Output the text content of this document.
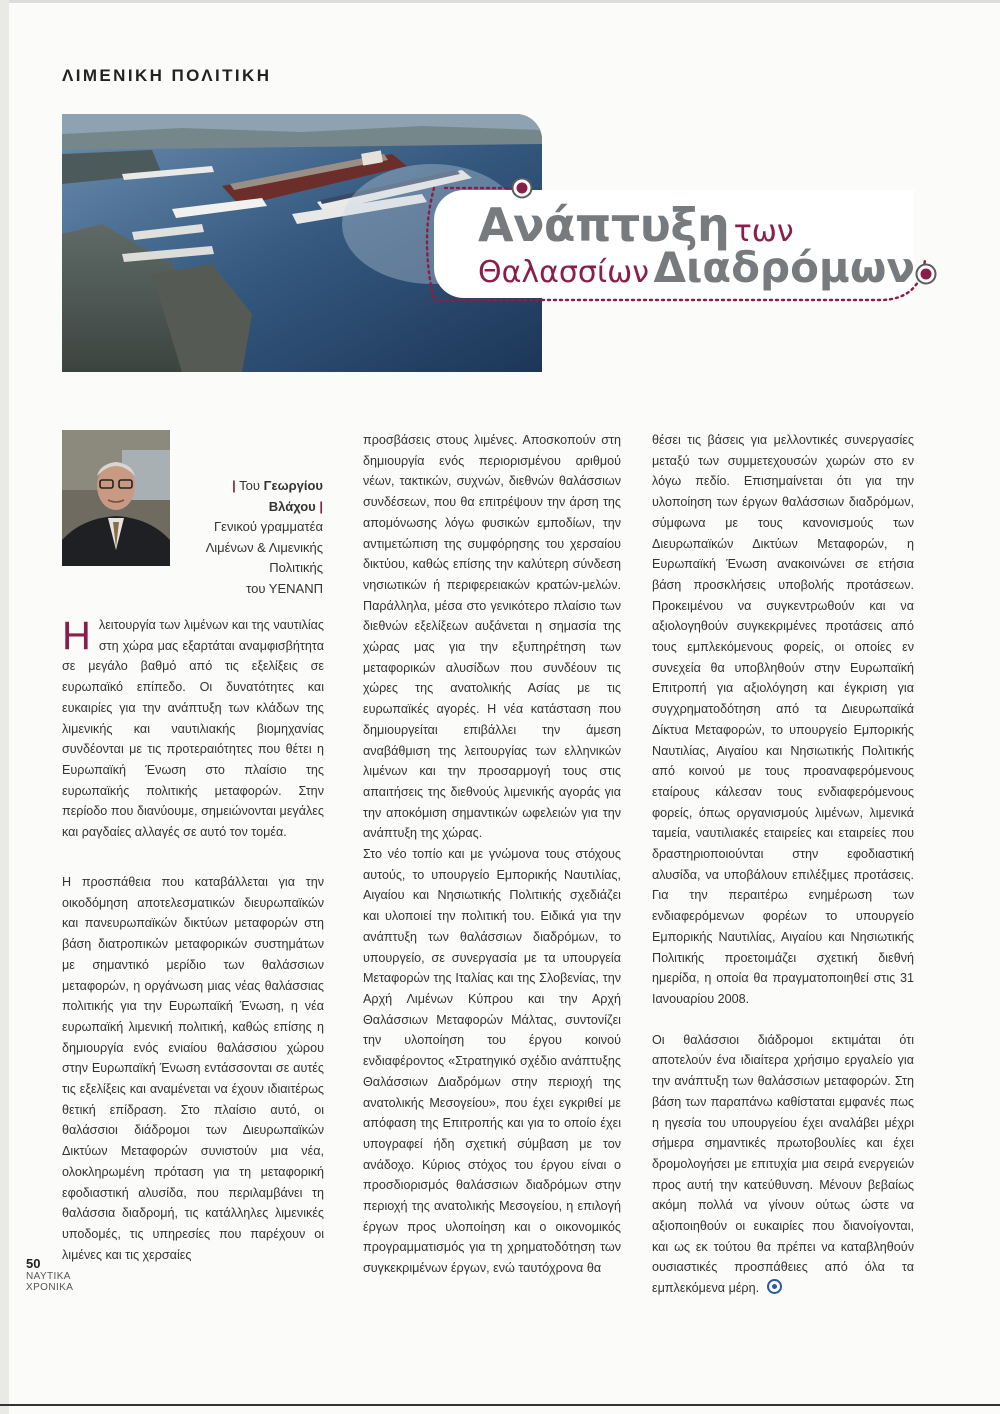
ΛΙΜΕΝΙΚΗ ΠΟΛΙΤΙΚΗ
Ανάπτυξη των
Θαλασσίων Διαδρόμων
| Του Γεωργίου Βλάχου |
Γενικού γραμματέα
Λιμένων & Λιμενικής Πολιτικής
του ΥΕΝΑΝΠ

Η λειτουργία των λιμένων και της ναυτιλίας στη χώρα μας εξαρτάται αναμφισβήτητα σε μεγάλο βαθμό από τις εξελίξεις σε ευρωπαϊκό επίπεδο. Οι δυνατότητες και ευκαιρίες για την ανάπτυξη των κλάδων της λιμενικής και ναυτιλιακής βιομηχανίας συνδέονται με τις προτεραιότητες που θέτει η Ευρωπαϊκή Ένωση στο πλαίσιο της ευρωπαϊκής πολιτικής μεταφορών. Στην περίοδο που διανύουμε, σημειώνονται μεγάλες και ραγδαίες αλλαγές σε αυτό τον τομέα.

Η προσπάθεια που καταβάλλεται για την οικοδόμηση αποτελεσματικών διευρωπαϊκών και πανευρωπαϊκών δικτύων μεταφορών στη βάση διατροπικών μεταφορικών συστημάτων με σημαντικό μερίδιο των θαλάσσιων μεταφορών, η οργάνωση μιας νέας θαλάσσιας πολιτικής για την Ευρωπαϊκή Ένωση, η νέα ευρωπαϊκή λιμενική πολιτική, καθώς επίσης η δημιουργία ενός ενιαίου θαλάσσιου χώρου στην Ευρωπαϊκή Ένωση εντάσσονται σε αυτές τις εξελίξεις και αναμένεται να έχουν ιδιαιτέρως θετική επίδραση. Στο πλαίσιο αυτό, οι θαλάσσιοι διάδρομοι των Διευρωπαϊκών Δικτύων Μεταφορών συνιστούν μια νέα, ολοκληρωμένη πρόταση για τη μεταφορική εφοδιαστική αλυσίδα, που περιλαμβάνει τη θαλάσσια διαδρομή, τις κατάλληλες λιμενικές υποδομές, τις υπηρεσίες που παρέχουν οι λιμένες και τις χερσαίες

προσβάσεις στους λιμένες. Αποσκοπούν στη δημιουργία ενός περιορισμένου αριθμού νέων, τακτικών, συχνών, διεθνών θαλάσσιων συνδέσεων, που θα επιτρέψουν την άρση της απομόνωσης λόγω φυσικών εμποδίων, την αντιμετώπιση της συμφόρησης του χερσαίου δικτύου, καθώς επίσης την καλύτερη σύνδεση νησιωτικών ή περιφερειακών κρατών-μελών. Παράλληλα, μέσα στο γενικότερο πλαίσιο των διεθνών εξελίξεων αυξάνεται η σημασία της χώρας μας για την εξυπηρέτηση των μεταφορικών αλυσίδων που συνδέουν τις χώρες της ανατολικής Ασίας με τις ευρωπαϊκές αγορές. Η νέα κατάσταση που δημιουργείται επιβάλλει την άμεση αναβάθμιση της λειτουργίας των ελληνικών λιμένων και την προσαρμογή τους στις απαιτήσεις της διεθνούς λιμενικής αγοράς για την αποκόμιση σημαντικών ωφελειών για την ανάπτυξη της χώρας.

Στο νέο τοπίο και με γνώμονα τους στόχους αυτούς, το υπουργείο Εμπορικής Ναυτιλίας, Αιγαίου και Νησιωτικής Πολιτικής σχεδιάζει και υλοποιεί την πολιτική του. Ειδικά για την ανάπτυξη των θαλάσσιων διαδρόμων, το υπουργείο, σε συνεργασία με τα υπουργεία Μεταφορών της Ιταλίας και της Σλοβενίας, την Αρχή Λιμένων Κύπρου και την Αρχή Θαλάσσιων Μεταφορών Μάλτας, συντονίζει την υλοποίηση του έργου κοινού ενδιαφέροντος «Στρατηγικό σχέδιο ανάπτυξης Θαλάσσιων Διαδρόμων στην περιοχή της ανατολικής Μεσογείου», που έχει εγκριθεί με απόφαση της Επιτροπής και για το οποίο έχει υπογραφεί ήδη σχετική σύμβαση με τον ανάδοχο. Κύριος στόχος του έργου είναι ο προσδιορισμός θαλάσσιων διαδρόμων στην περιοχή της ανατολικής Μεσογείου, η επιλογή έργων προς υλοποίηση και ο οικονομικός προγραμματισμός για τη χρηματοδότηση των συγκεκριμένων έργων, ενώ ταυτόχρονα θα

θέσει τις βάσεις για μελλοντικές συνεργασίες μεταξύ των συμμετεχουσών χωρών στο εν λόγω πεδίο. Επισημαίνεται ότι για την υλοποίηση των έργων θαλάσσιων διαδρόμων, σύμφωνα με τους κανονισμούς των Διευρωπαϊκών Δικτύων Μεταφορών, η Ευρωπαϊκή Ένωση ανακοινώνει σε ετήσια βάση προσκλήσεις υποβολής προτάσεων. Προκειμένου να συγκεντρωθούν και να αξιολογηθούν συγκεκριμένες προτάσεις από τους εμπλεκόμενους φορείς, οι οποίες εν συνεχεία θα υποβληθούν στην Ευρωπαϊκή Επιτροπή για αξιολόγηση και έγκριση για συγχρηματοδότηση από τα Διευρωπαϊκά Δίκτυα Μεταφορών, το υπουργείο Εμπορικής Ναυτιλίας, Αιγαίου και Νησιωτικής Πολιτικής από κοινού με τους προαναφερόμενους εταίρους κάλεσαν τους ενδιαφερόμενους φορείς, όπως οργανισμούς λιμένων, λιμενικά ταμεία, ναυτιλιακές εταιρείες και εταιρείες που δραστηριοποιούνται στην εφοδιαστική αλυσίδα, να υποβάλουν επιλέξιμες προτάσεις. Για την περαιτέρω ενημέρωση των ενδιαφερόμενων φορέων το υπουργείο Εμπορικής Ναυτιλίας, Αιγαίου και Νησιωτικής Πολιτικής προετοιμάζει σχετική διεθνή ημερίδα, η οποία θα πραγματοποιηθεί στις 31 Ιανουαρίου 2008.

Οι θαλάσσιοι διάδρομοι εκτιμάται ότι αποτελούν ένα ιδιαίτερα χρήσιμο εργαλείο για την ανάπτυξη των θαλάσσιων μεταφορών. Στη βάση των παραπάνω καθίσταται εμφανές πως η ηγεσία του υπουργείου έχει αναλάβει μέχρι σήμερα σημαντικές πρωτοβουλίες και έχει δρομολογήσει με επιτυχία μια σειρά ενεργειών προς αυτή την κατεύθυνση. Μένουν βεβαίως ακόμη πολλά να γίνουν ούτως ώστε να αξιοποιηθούν οι ευκαιρίες που διανοίγονται, και ως εκ τούτου θα πρέπει να καταβληθούν ουσιαστικές προσπάθειες από όλα τα εμπλεκόμενα μέρη.

50
ΝΑΥΤΙΚΑ
ΧΡΟΝΙΚΑ
